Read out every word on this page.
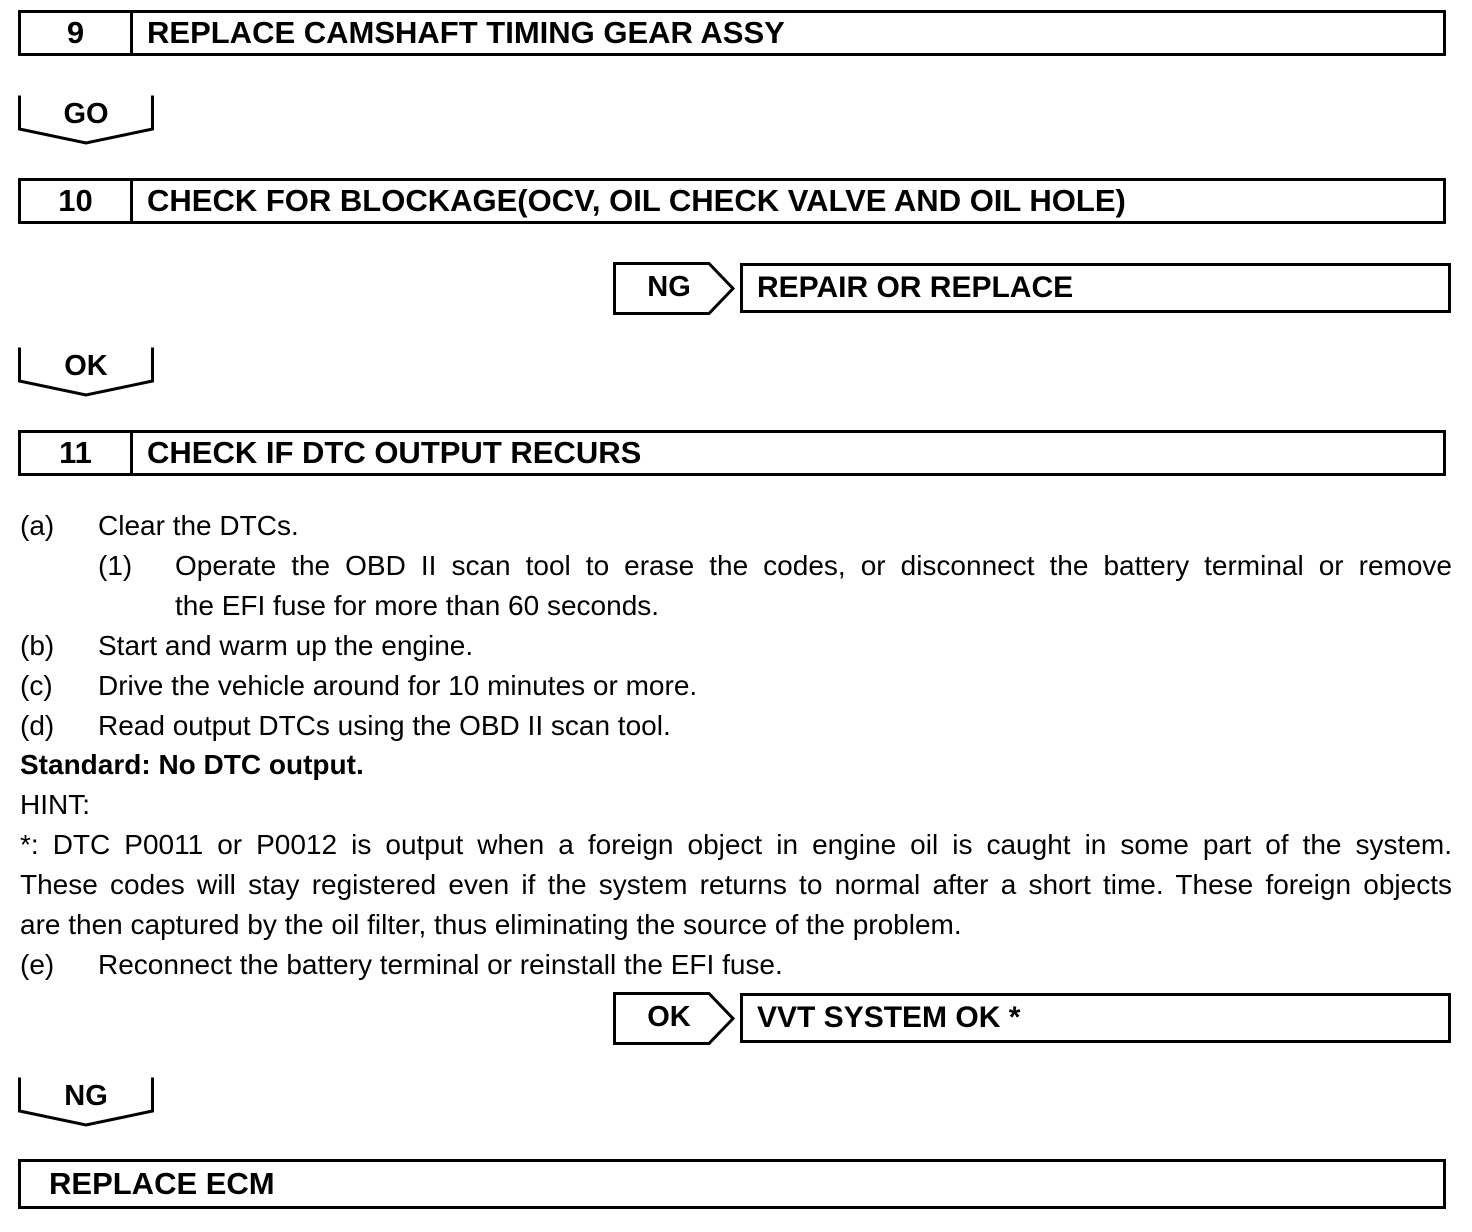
9	REPLACE CAMSHAFT TIMING GEAR ASSY
GO
10	CHECK FOR BLOCKAGE(OCV, OIL CHECK VALVE AND OIL HOLE)
NG	REPAIR OR REPLACE
OK
11	CHECK IF DTC OUTPUT RECURS
(a) Clear the DTCs.
(1) Operate the OBD II scan tool to erase the codes, or disconnect the battery terminal or remove
the EFI fuse for more than 60 seconds.
(b) Start and warm up the engine.
(c) Drive the vehicle around for 10 minutes or more.
(d) Read output DTCs using the OBD II scan tool.
Standard: No DTC output.
HINT:
*: DTC P0011 or P0012 is output when a foreign object in engine oil is caught in some part of the system.
These codes will stay registered even if the system returns to normal after a short time. These foreign objects
are then captured by the oil filter, thus eliminating the source of the problem.
(e) Reconnect the battery terminal or reinstall the EFI fuse.
OK	VVT SYSTEM OK *
NG
REPLACE ECM
